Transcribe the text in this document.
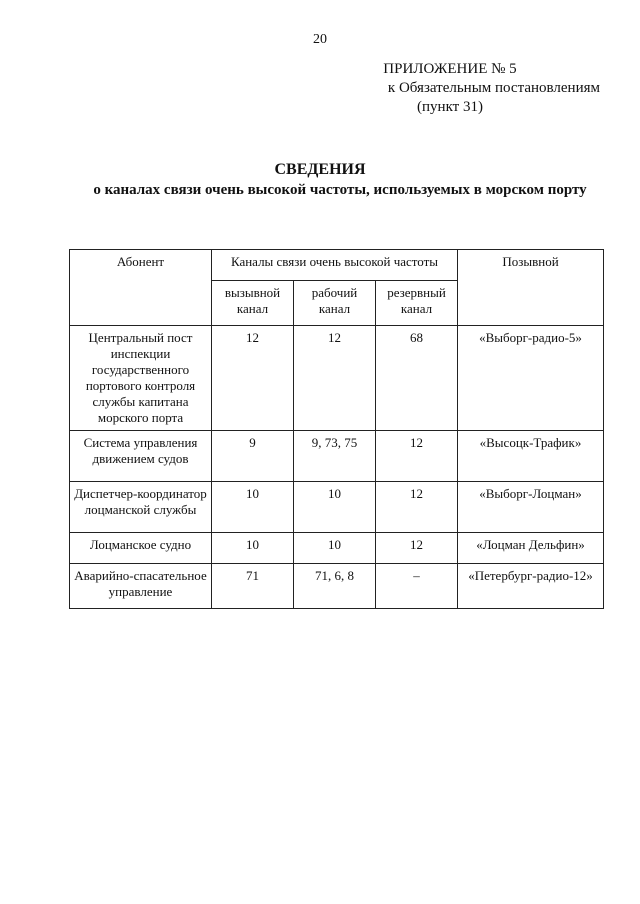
20
ПРИЛОЖЕНИЕ № 5
к Обязательным постановлениям
(пункт 31)
СВЕДЕНИЯ
о каналах связи очень высокой частоты, используемых в морском порту
Абонент	Каналы связи очень высокой частоты			Позывной
	вызывной канал	рабочий канал	резервный канал	
Центральный пост инспекции государственного портового контроля службы капитана морского порта	12	12	68	«Выборг-радио-5»
Система управления движением судов	9	9, 73, 75	12	«Высоцк-Трафик»
Диспетчер-координатор лоцманской службы	10	10	12	«Выборг-Лоцман»
Лоцманское судно	10	10	12	«Лоцман Дельфин»
Аварийно-спасательное управление	71	71, 6, 8	–	«Петербург-радио-12»
